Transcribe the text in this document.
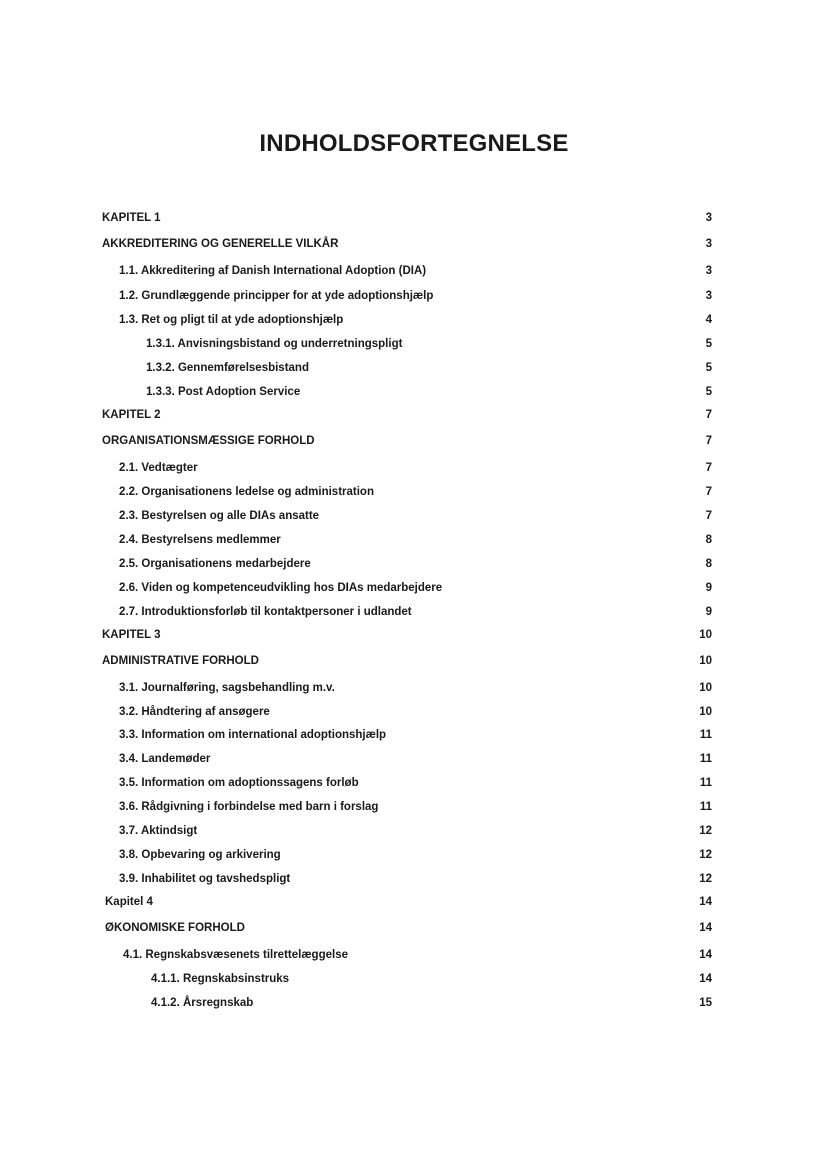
INDHOLDSFORTEGNELSE
KAPITEL 1	3
AKKREDITERING OG GENERELLE VILKÅR	3
1.1. Akkreditering af Danish International Adoption (DIA)	3
1.2. Grundlæggende principper for at yde adoptionshjælp	3
1.3. Ret og pligt til at yde adoptionshjælp	4
1.3.1. Anvisningsbistand og underretningspligt	5
1.3.2. Gennemførelsesbistand	5
1.3.3. Post Adoption Service	5
KAPITEL 2	7
ORGANISATIONSMÆSSIGE FORHOLD	7
2.1. Vedtægter	7
2.2. Organisationens ledelse og administration	7
2.3. Bestyrelsen og alle DIAs ansatte	7
2.4. Bestyrelsens medlemmer	8
2.5. Organisationens medarbejdere	8
2.6. Viden og kompetenceudvikling hos DIAs medarbejdere	9
2.7. Introduktionsforløb til kontaktpersoner i udlandet	9
KAPITEL 3	10
ADMINISTRATIVE FORHOLD	10
3.1. Journalføring, sagsbehandling m.v.	10
3.2. Håndtering af ansøgere	10
3.3. Information om international adoptionshjælp	11
3.4. Landemøder	11
3.5. Information om adoptionssagens forløb	11
3.6. Rådgivning i forbindelse med barn i forslag	11
3.7. Aktindsigt	12
3.8. Opbevaring og arkivering	12
3.9. Inhabilitet og tavshedspligt	12
Kapitel 4	14
ØKONOMISKE FORHOLD	14
4.1. Regnskabsvæsenets tilrettelæggelse	14
4.1.1. Regnskabsinstruks	14
4.1.2. Årsregnskab	15
